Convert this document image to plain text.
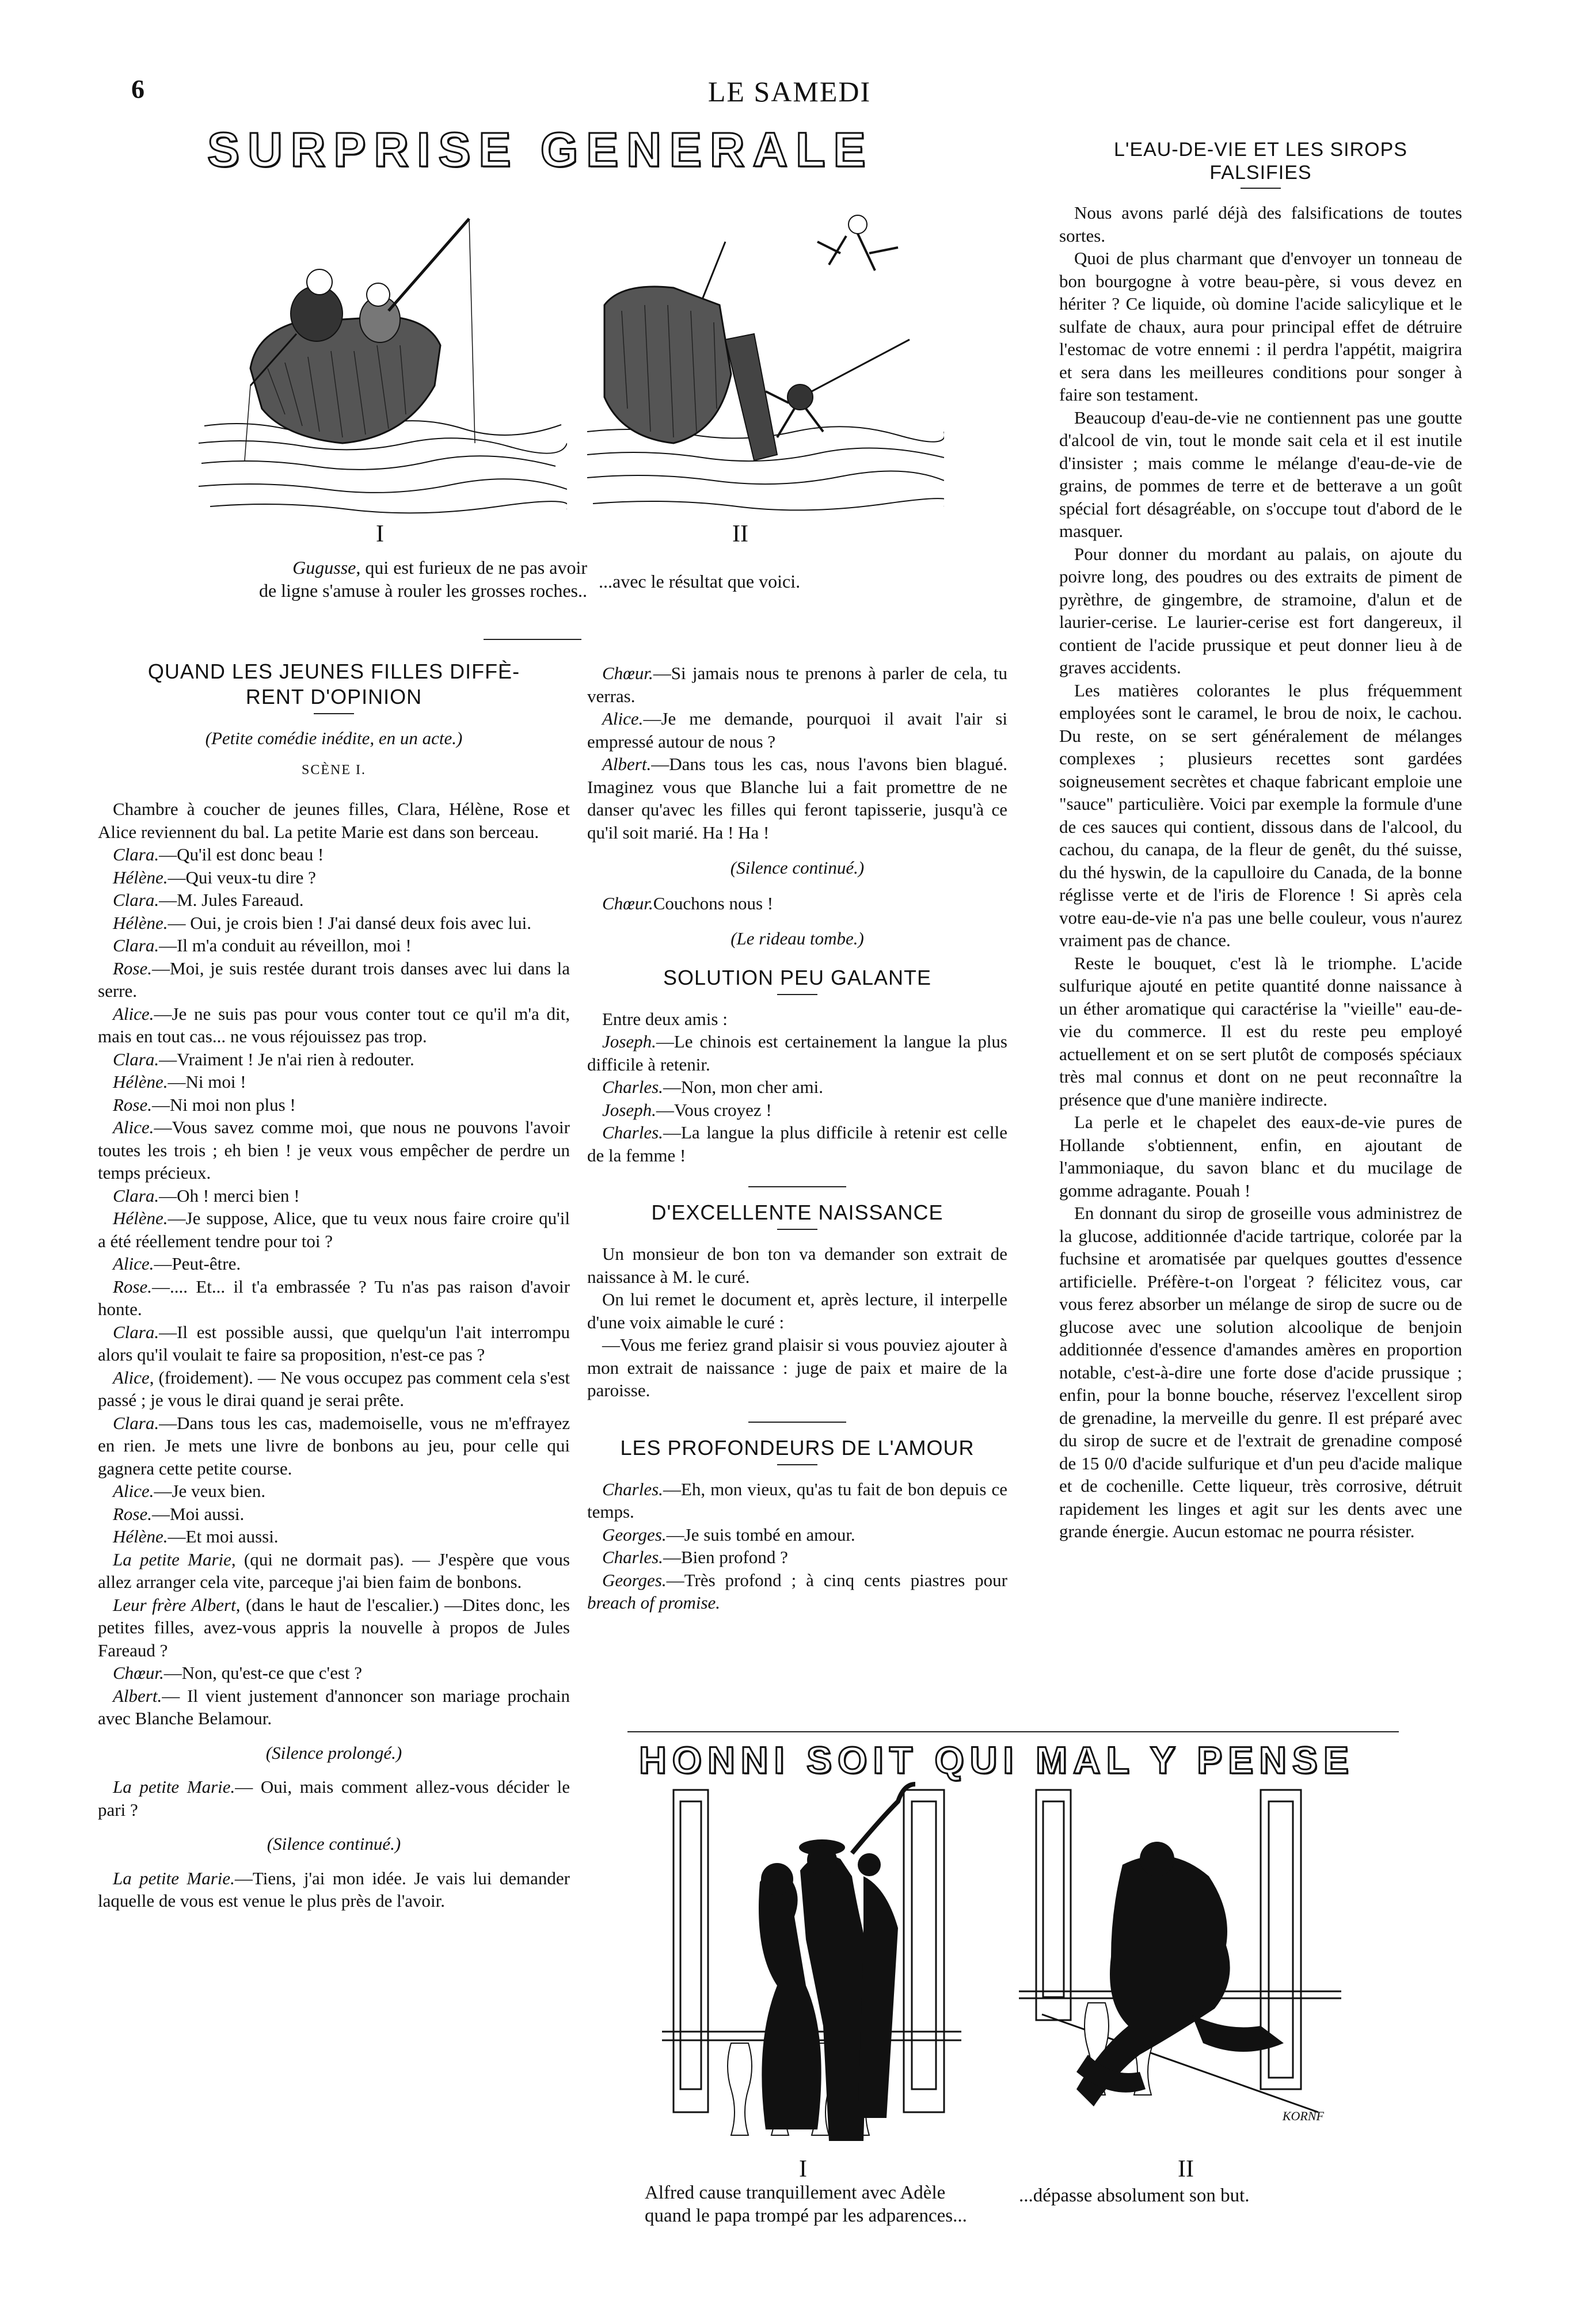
6	LE SAMEDI
SURPRISE GENERALE
I	II
Gugusse, qui est furieux de ne pas avoir
de ligne s'amuse à rouler les grosses roches.. ...avec le résultat que voici.
QUAND LES JEUNES FILLES DIFFÈ-
RENT D'OPINION

(Petite comédie inédite, en un acte.)

SCÈNE I.

Chambre à coucher de jeunes filles, Clara, Hélène, Rose et Alice reviennent du bal. La petite Marie est dans son berceau.

Clara.—Qu'il est donc beau !

Hélène.—Qui veux-tu dire ?

Clara.—M. Jules Fareaud.

Hélène.— Oui, je crois bien ! J'ai dansé deux fois avec lui.

Clara.—Il m'a conduit au réveillon, moi !

Rose.—Moi, je suis restée durant trois danses avec lui dans la serre.

Alice.—Je ne suis pas pour vous conter tout ce qu'il m'a dit, mais en tout cas... ne vous réjouissez pas trop.

Clara.—Vraiment ! Je n'ai rien à redouter.

Hélène.—Ni moi !

Rose.—Ni moi non plus !

Alice.—Vous savez comme moi, que nous ne pouvons l'avoir toutes les trois ; eh bien ! je veux vous empêcher de perdre un temps précieux.

Clara.—Oh ! merci bien !

Hélène.—Je suppose, Alice, que tu veux nous faire croire qu'il a été réellement tendre pour toi ?

Alice.—Peut-être.

Rose.—.... Et... il t'a embrassée ? Tu n'as pas raison d'avoir honte.

Clara.—Il est possible aussi, que quelqu'un l'ait interrompu alors qu'il voulait te faire sa proposition, n'est-ce pas ?

Alice, (froidement). — Ne vous occupez pas comment cela s'est passé ; je vous le dirai quand je serai prête.

Clara.—Dans tous les cas, mademoiselle, vous ne m'effrayez en rien. Je mets une livre de bonbons au jeu, pour celle qui gagnera cette petite course.

Alice.—Je veux bien.

Rose.—Moi aussi.

Hélène.—Et moi aussi.

La petite Marie, (qui ne dormait pas). — J'espère que vous allez arranger cela vite, parceque j'ai bien faim de bonbons.

Leur frère Albert, (dans le haut de l'escalier.) —Dites donc, les petites filles, avez-vous appris la nouvelle à propos de Jules Fareaud ?

Chœur.—Non, qu'est-ce que c'est ?

Albert.— Il vient justement d'annoncer son mariage prochain avec Blanche Belamour.

(Silence prolongé.)

La petite Marie.— Oui, mais comment allez-vous décider le pari ?

(Silence continué.)

La petite Marie.—Tiens, j'ai mon idée. Je vais lui demander laquelle de vous est venue le plus près de l'avoir.

Chœur.—Si jamais nous te prenons à parler de cela, tu verras.

Alice.—Je me demande, pourquoi il avait l'air si empressé autour de nous ?

Albert.—Dans tous les cas, nous l'avons bien blagué. Imaginez vous que Blanche lui a fait promettre de ne danser qu'avec les filles qui feront tapisserie, jusqu'à ce qu'il soit marié. Ha ! Ha !

(Silence continué.)

Chœur.Couchons nous !

(Le rideau tombe.)

SOLUTION PEU GALANTE

Entre deux amis :

Joseph.—Le chinois est certainement la langue la plus difficile à retenir.

Charles.—Non, mon cher ami.

Joseph.—Vous croyez !

Charles.—La langue la plus difficile à retenir est celle de la femme !

D'EXCELLENTE NAISSANCE

Un monsieur de bon ton va demander son extrait de naissance à M. le curé.

On lui remet le document et, après lecture, il interpelle d'une voix aimable le curé :

—Vous me feriez grand plaisir si vous pouviez ajouter à mon extrait de naissance : juge de paix et maire de la paroisse.

LES PROFONDEURS DE L'AMOUR

Charles.—Eh, mon vieux, qu'as tu fait de bon depuis ce temps.

Georges.—Je suis tombé en amour.

Charles.—Bien profond ?

Georges.—Très profond ; à cinq cents piastres pour breach of promise.

L'EAU-DE-VIE ET LES SIROPS
FALSIFIES

Nous avons parlé déjà des falsifications de toutes sortes.

Quoi de plus charmant que d'envoyer un tonneau de bon bourgogne à votre beau-père, si vous devez en hériter ? Ce liquide, où domine l'acide salicylique et le sulfate de chaux, aura pour principal effet de détruire l'estomac de votre ennemi : il perdra l'appétit, maigrira et sera dans les meilleures conditions pour songer à faire son testament.

Beaucoup d'eau-de-vie ne contiennent pas une goutte d'alcool de vin, tout le monde sait cela et il est inutile d'insister ; mais comme le mélange d'eau-de-vie de grains, de pommes de terre et de betterave a un goût spécial fort désagréable, on s'occupe tout d'abord de le masquer.

Pour donner du mordant au palais, on ajoute du poivre long, des poudres ou des extraits de piment de pyrèthre, de gingembre, de stramoine, d'alun et de laurier-cerise. Le laurier-cerise est fort dangereux, il contient de l'acide prussique et peut donner lieu à de graves accidents.

Les matières colorantes le plus fréquemment employées sont le caramel, le brou de noix, le cachou. Du reste, on se sert généralement de mélanges complexes ; plusieurs recettes sont gardées soigneusement secrètes et chaque fabricant emploie une "sauce" particulière. Voici par exemple la formule d'une de ces sauces qui contient, dissous dans de l'alcool, du cachou, du canapa, de la fleur de genêt, du thé suisse, du thé hyswin, de la capulloire du Canada, de la bonne réglisse verte et de l'iris de Florence ! Si après cela votre eau-de-vie n'a pas une belle couleur, vous n'aurez vraiment pas de chance.

Reste le bouquet, c'est là le triomphe. L'acide sulfurique ajouté en petite quantité donne naissance à un éther aromatique qui caractérise la "vieille" eau-de-vie du commerce. Il est du reste peu employé actuellement et on se sert plutôt de composés spéciaux très mal connus et dont on ne peut reconnaître la présence que d'une manière indirecte.

La perle et le chapelet des eaux-de-vie pures de Hollande s'obtiennent, enfin, en ajoutant de l'ammoniaque, du savon blanc et du mucilage de gomme adragante. Pouah !

En donnant du sirop de groseille vous administrez de la glucose, additionnée d'acide tartrique, colorée par la fuchsine et aromatisée par quelques gouttes d'essence artificielle. Préfère-t-on l'orgeat ? félicitez vous, car vous ferez absorber un mélange de sirop de sucre ou de glucose avec une solution alcoolique de benjoin additionnée d'essence d'amandes amères en proportion notable, c'est-à-dire une forte dose d'acide prussique ; enfin, pour la bonne bouche, réservez l'excellent sirop de grenadine, la merveille du genre. Il est préparé avec du sirop de sucre et de l'extrait de grenadine composé de 15 0/0 d'acide sulfurique et d'un peu d'acide malique et de cochenille. Cette liqueur, très corrosive, détruit rapidement les linges et agit sur les dents avec une grande énergie. Aucun estomac ne pourra résister.

HONNI SOIT QUI MAL Y PENSE
KORNF
I	II
Alfred cause tranquillement avec Adèle quand le papa trompé par les adparences...
...dépasse absolument son but.
